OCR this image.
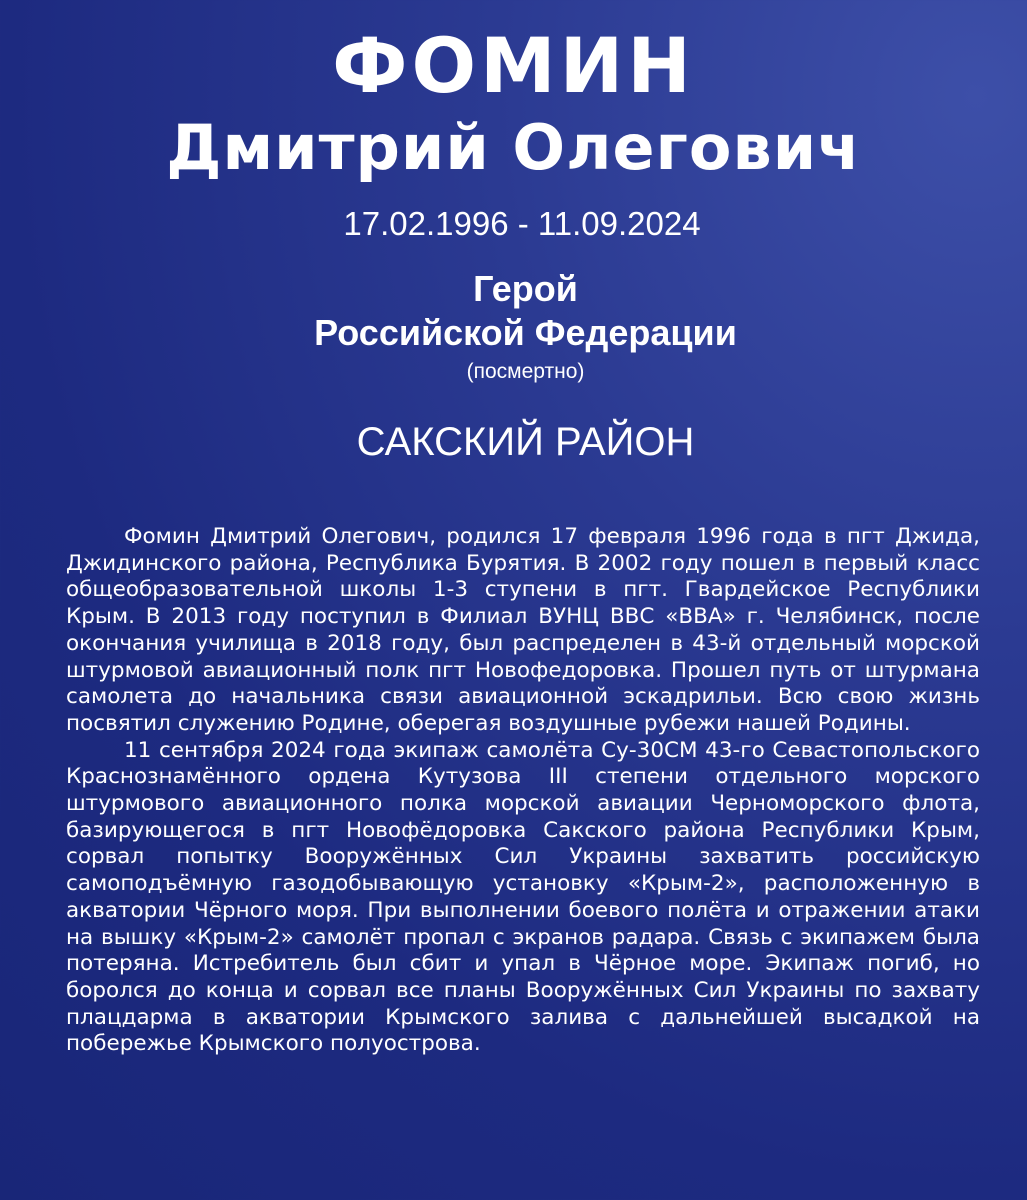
ФОМИН
Дмитрий Олегович
17.02.1996 - 11.09.2024
Герой
Российской Федерации
(посмертно)
САКСКИЙ РАЙОН

Фомин Дмитрий Олегович, родился 17 февраля 1996 года в пгт Джида, Джидинского района, Республика Бурятия. В 2002 году пошел в первый класс общеобразовательной школы 1-3 ступени в пгт. Гвардейское Республики Крым. В 2013 году поступил в Филиал ВУНЦ ВВС «ВВА» г. Челябинск, после окончания училища в 2018 году, был распределен в 43-й отдельный морской штурмовой авиационный полк пгт Новофедоровка. Прошел путь от штурмана самолета до начальника связи авиационной эскадрильи. Всю свою жизнь посвятил служению Родине, оберегая воздушные рубежи нашей Родины.

11 сентября 2024 года экипаж самолёта Су-30СМ 43-го Севастопольского Краснознамённого ордена Кутузова III степени отдельного морского штурмового авиационного полка морской авиации Черноморского флота, базирующегося в пгт Новофёдоровка Сакского района Республики Крым, сорвал попытку Вооружённых Сил Украины захватить российскую самоподъёмную газодобывающую установку «Крым-2», расположенную в акватории Чёрного моря. При выполнении боевого полёта и отражении атаки на вышку «Крым-2» самолёт пропал с экранов радара. Связь с экипажем была потеряна. Истребитель был сбит и упал в Чёрное море. Экипаж погиб, но боролся до конца и сорвал все планы Вооружённых Сил Украины по захвату плацдарма в акватории Крымского залива с дальнейшей высадкой на побережье Крымского полуострова.
